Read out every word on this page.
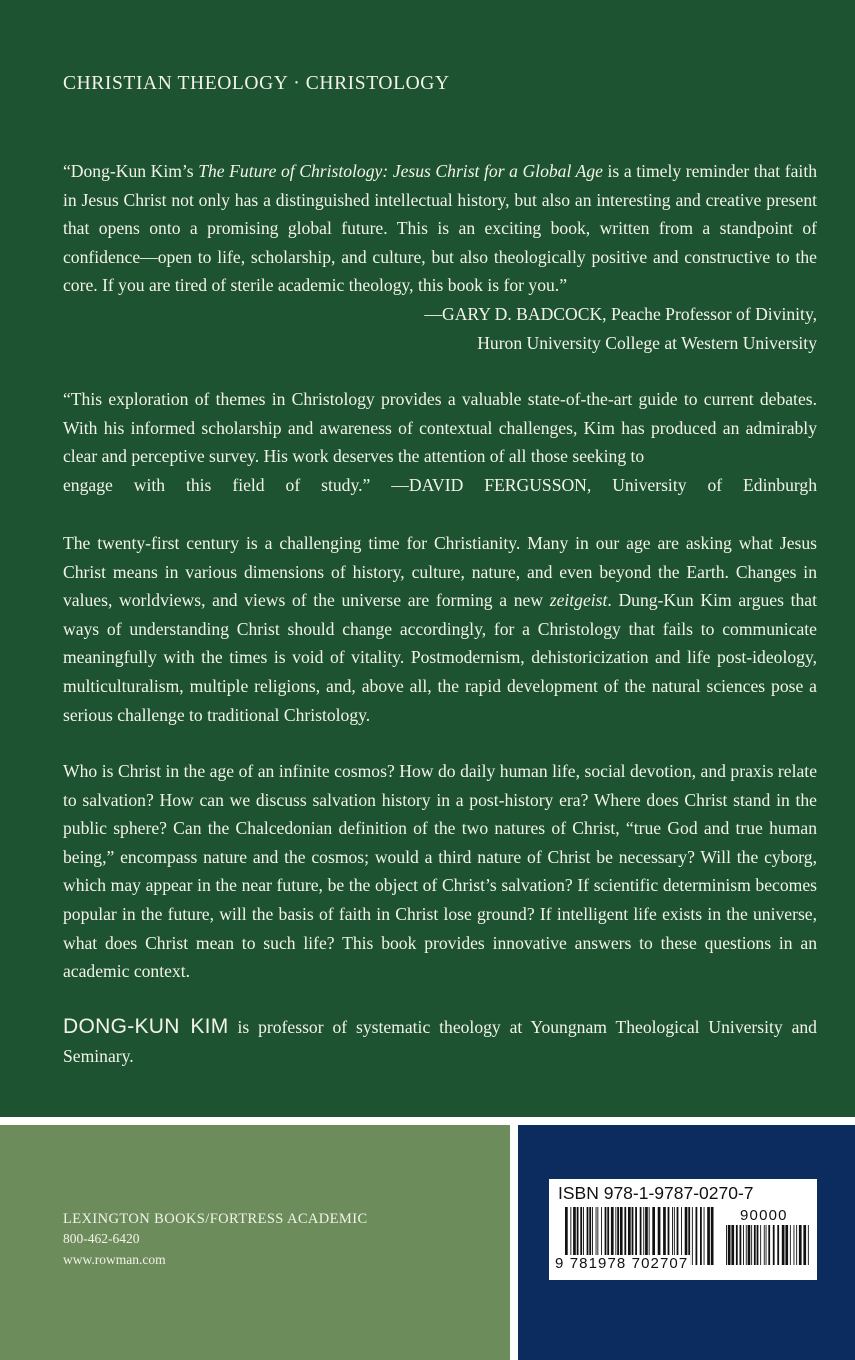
CHRISTIAN THEOLOGY · CHRISTOLOGY

“Dong-Kun Kim’s The Future of Christology: Jesus Christ for a Global Age is a timely reminder that faith in Jesus Christ not only has a distinguished intellectual history, but also an interesting and creative present that opens onto a promising global future. This is an exciting book, written from a standpoint of confidence—open to life, scholarship, and culture, but also theologically positive and constructive to the core. If you are tired of sterile academic theology, this book is for you.”

—GARY D. BADCOCK, Peache Professor of Divinity,

Huron University College at Western University

“This exploration of themes in Christology provides a valuable state-of-the-art guide to current debates. With his informed scholarship and awareness of contextual challenges, Kim has produced an admirably clear and perceptive survey. His work deserves the attention of all those seeking to

engage with this field of study.” —DAVID FERGUSSON, University of Edinburgh

The twenty-first century is a challenging time for Christianity. Many in our age are asking what Jesus Christ means in various dimensions of history, culture, nature, and even beyond the Earth. Changes in values, worldviews, and views of the universe are forming a new zeitgeist. Dung-Kun Kim argues that ways of understanding Christ should change accordingly, for a Christology that fails to communicate meaningfully with the times is void of vitality. Postmodernism, dehistoricization and life post-ideology, multiculturalism, multiple religions, and, above all, the rapid development of the natural sciences pose a serious challenge to traditional Christology.

Who is Christ in the age of an infinite cosmos? How do daily human life, social devotion, and praxis relate to salvation? How can we discuss salvation history in a post-history era? Where does Christ stand in the public sphere? Can the Chalcedonian definition of the two natures of Christ, “true God and true human being,” encompass nature and the cosmos; would a third nature of Christ be necessary? Will the cyborg, which may appear in the near future, be the object of Christ’s salvation? If scientific determinism becomes popular in the future, will the basis of faith in Christ lose ground? If intelligent life exists in the universe, what does Christ mean to such life? This book provides innovative answers to these questions in an academic context.

DONG-KUN KIM is professor of systematic theology at Youngnam Theological University and Seminary.

LEXINGTON BOOKS/FORTRESS ACADEMIC
800-462-6420
www.rowman.com
ISBN 978-1-9787-0270-7
90000
9 781978 702707
